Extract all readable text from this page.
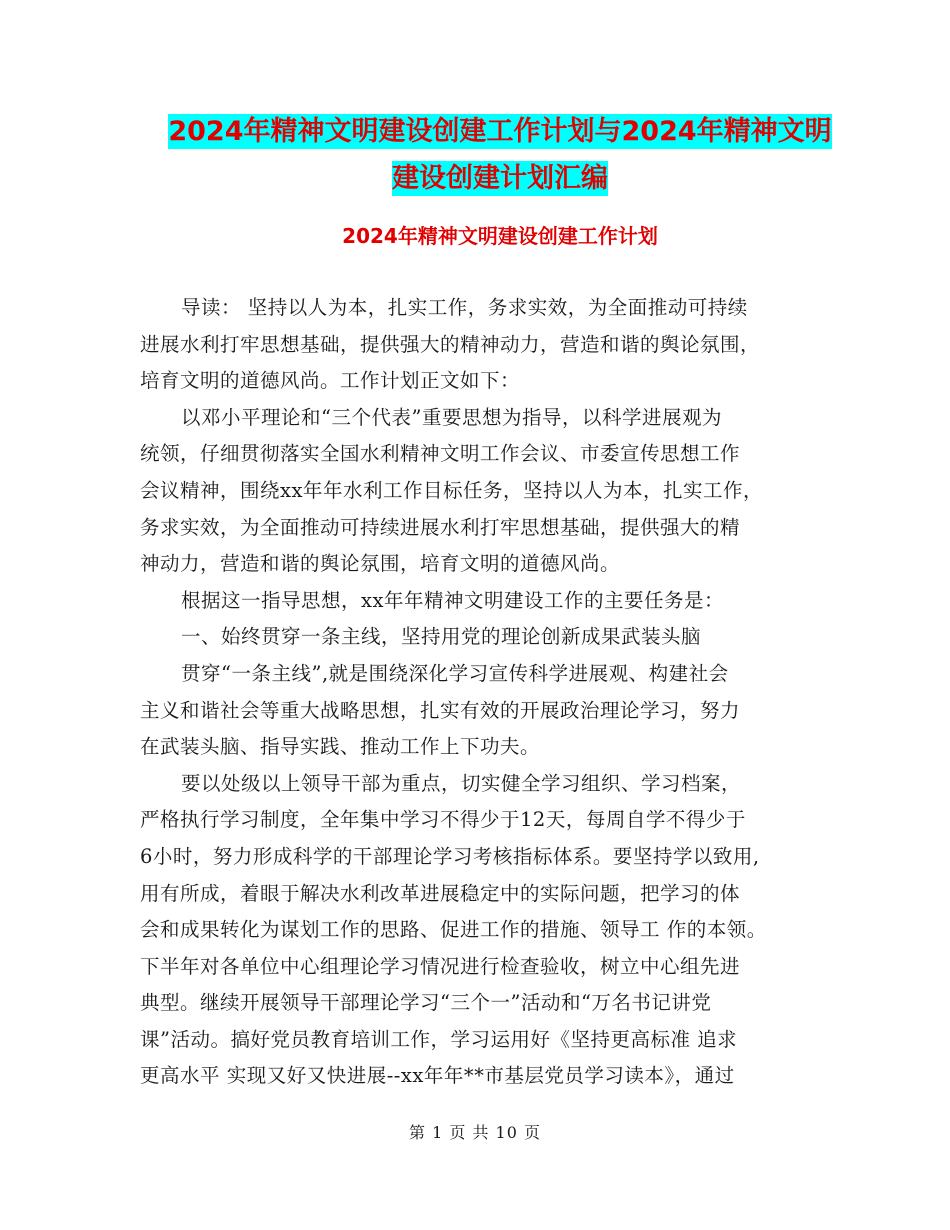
2024年精神文明建设创建工作计划与2024年精神文明
建设创建计划汇编
2024年精神文明建设创建工作计划
导读： 坚持以人为本，扎实工作，务求实效，为全面推动可持续
进展水利打牢思想基础，提供强大的精神动力，营造和谐的舆论氛围，
培育文明的道德风尚。工作计划正文如下：
以邓小平理论和“三个代表”重要思想为指导，以科学进展观为
统领，仔细贯彻落实全国水利精神文明工作会议、市委宣传思想工作
会议精神，围绕xx年年水利工作目标任务，坚持以人为本，扎实工作，
务求实效，为全面推动可持续进展水利打牢思想基础，提供强大的精
神动力，营造和谐的舆论氛围，培育文明的道德风尚。
根据这一指导思想，xx年年精神文明建设工作的主要任务是：
一、始终贯穿一条主线，坚持用党的理论创新成果武装头脑
贯穿“一条主线”,就是围绕深化学习宣传科学进展观、构建社会
主义和谐社会等重大战略思想，扎实有效的开展政治理论学习，努力
在武装头脑、指导实践、推动工作上下功夫。
要以处级以上领导干部为重点，切实健全学习组织、学习档案，
严格执行学习制度，全年集中学习不得少于12天，每周自学不得少于
6小时，努力形成科学的干部理论学习考核指标体系。要坚持学以致用,
用有所成，着眼于解决水利改革进展稳定中的实际问题，把学习的体
会和成果转化为谋划工作的思路、促进工作的措施、领导工 作的本领。
下半年对各单位中心组理论学习情况进行检查验收，树立中心组先进
典型。继续开展领导干部理论学习“三个一”活动和“万名书记讲党
课”活动。搞好党员教育培训工作，学习运用好《坚持更高标准 追求
更高水平 实现又好又快进展--xx年年**市基层党员学习读本》，通过
第 1 页 共 10 页
